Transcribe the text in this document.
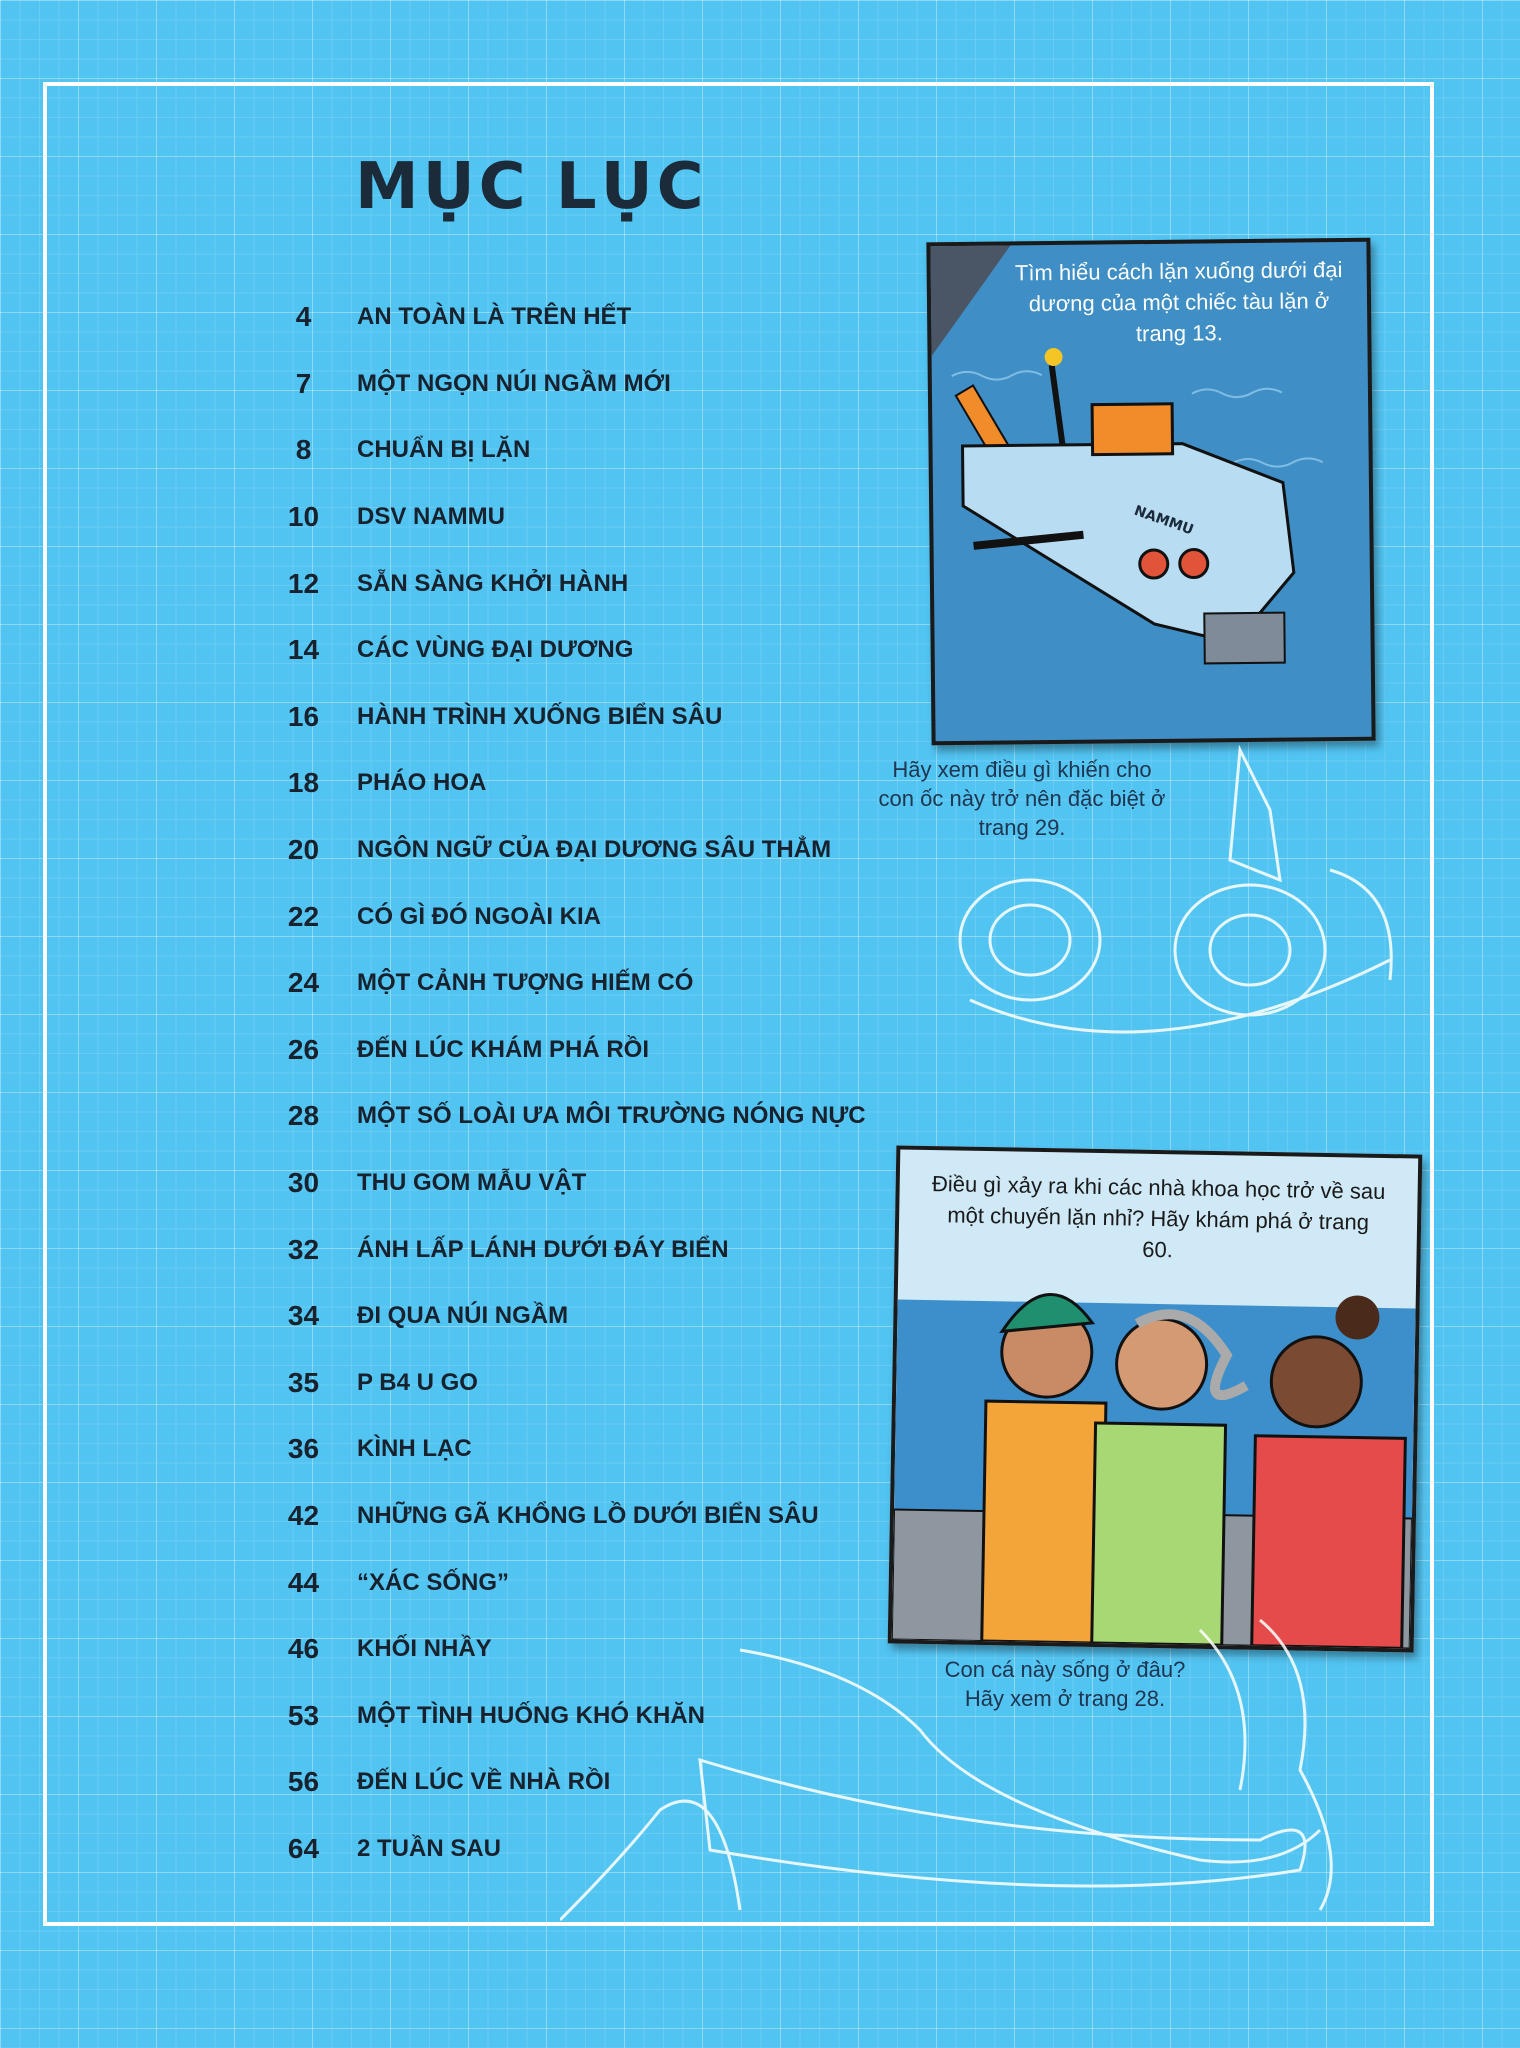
MỤC LỤC
4	AN TOÀN LÀ TRÊN HẾT
7	MỘT NGỌN NÚI NGẦM MỚI
8	CHUẨN BỊ LẶN
10	DSV NAMMU
12	SẴN SÀNG KHỞI HÀNH
14	CÁC VÙNG ĐẠI DƯƠNG
16	HÀNH TRÌNH XUỐNG BIỂN SÂU
18	PHÁO HOA
20	NGÔN NGỮ CỦA ĐẠI DƯƠNG SÂU THẲM
22	CÓ GÌ ĐÓ NGOÀI KIA
24	MỘT CẢNH TƯỢNG HIẾM CÓ
26	ĐẾN LÚC KHÁM PHÁ RỒI
28	MỘT SỐ LOÀI ƯA MÔI TRƯỜNG NÓNG NỰC
30	THU GOM MẪU VẬT
32	ÁNH LẤP LÁNH DƯỚI ĐÁY BIỂN
34	ĐI QUA NÚI NGẦM
35	P B4 U GO
36	KÌNH LẠC
42	NHỮNG GÃ KHỔNG LỒ DƯỚI BIỂN SÂU
44	“XÁC SỐNG”
46	KHỐI NHẦY
53	MỘT TÌNH HUỐNG KHÓ KHĂN
56	ĐẾN LÚC VỀ NHÀ RỒI
64	2 TUẦN SAU
NAMMU
Tìm hiểu cách lặn xuống dưới đại dương của một chiếc tàu lặn ở trang 13.
Hãy xem điều gì khiến cho con ốc này trở nên đặc biệt ở trang 29.
Điều gì xảy ra khi các nhà khoa học trở về sau một chuyến lặn nhỉ? Hãy khám phá ở trang 60.
Con cá này sống ở đâu? Hãy xem ở trang 28.
